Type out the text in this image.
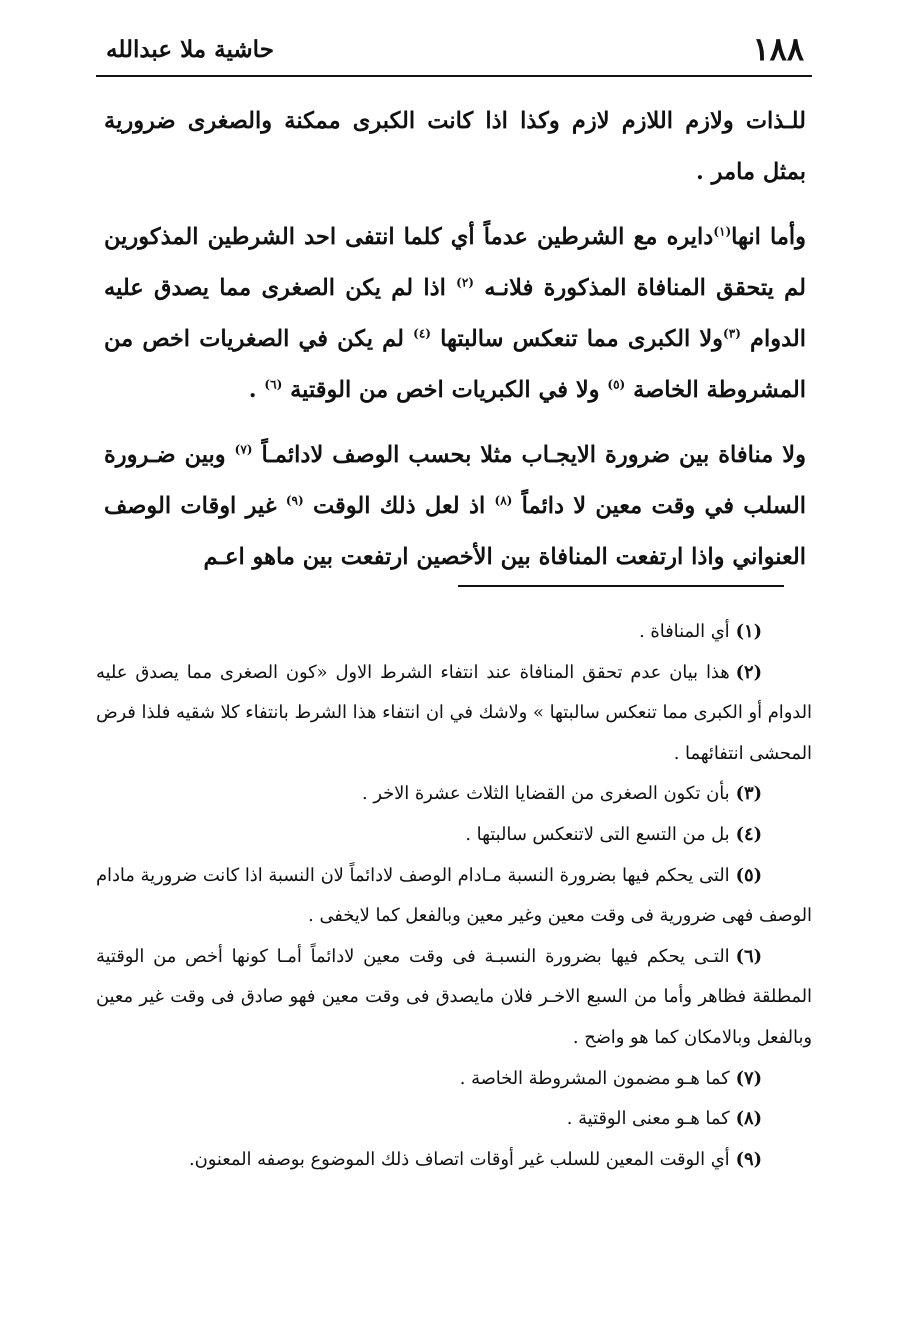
حاشية ملا عبدالله	١٨٨

للـذات ولازم اللازم لازم وكذا اذا كانت الكبرى ممكنة والصغرى ضرورية بمثل مامر .

وأما انها$^{(١)}$دايره مع الشرطين عدماً أي كلما انتفى احد الشرطين المذكورين لم يتحقق المنافاة المذكورة فلانـه $^{(٢)}$ اذا لم يكن الصغرى مما يصدق عليه الدوام $^{(٣)}$ولا الكبرى مما تنعكس سالبتها $^{(٤)}$ لم يكن في الصغريات اخص من المشروطة الخاصة $^{(٥)}$ ولا في الكبريات اخص من الوقتية $^{(٦)}$ .

ولا منافاة بين ضرورة الايجـاب مثلا بحسب الوصف لادائمـاً $^{(٧)}$ وبين ضـرورة السلب في وقت معين لا دائماً $^{(٨)}$ اذ لعل ذلك الوقت $^{(٩)}$ غير اوقات الوصف العنواني واذا ارتفعت المنافاة بين الأخصين ارتفعت بين ماهو اعـم

(١)أي المنافاة .

(٢)هذا بيان عدم تحقق المنافاة عند انتفاء الشرط الاول «كون الصغرى مما يصدق عليه الدوام أو الكبرى مما تنعكس سالبتها » ولاشك في ان انتفاء هذا الشرط بانتفاء كلا شقيه فلذا فرض المحشى انتفائهما .

(٣)بأن تكون الصغرى من القضايا الثلاث عشرة الاخر .

(٤)بل من التسع التى لاتنعكس سالبتها .

(٥)التى يحكم فيها بضرورة النسبة مـادام الوصف لادائماً لان النسبة اذا كانت ضرورية مادام الوصف فهى ضرورية فى وقت معين وغير معين وبالفعل كما لايخفى .

(٦)التـى يحكم فيها بضرورة النسبـة فى وقت معين لادائماً أمـا كونها أخص من الوقتية المطلقة فظاهر وأما من السبع الاخـر فلان مايصدق فى وقت معين فهو صادق فى وقت غير معين وبالفعل وبالامكان كما هو واضح .

(٧)كما هـو مضمون المشروطة الخاصة .

(٨)كما هـو معنى الوقتية .

(٩)أي الوقت المعين للسلب غير أوقات اتصاف ذلك الموضوع بوصفه المعنون.
